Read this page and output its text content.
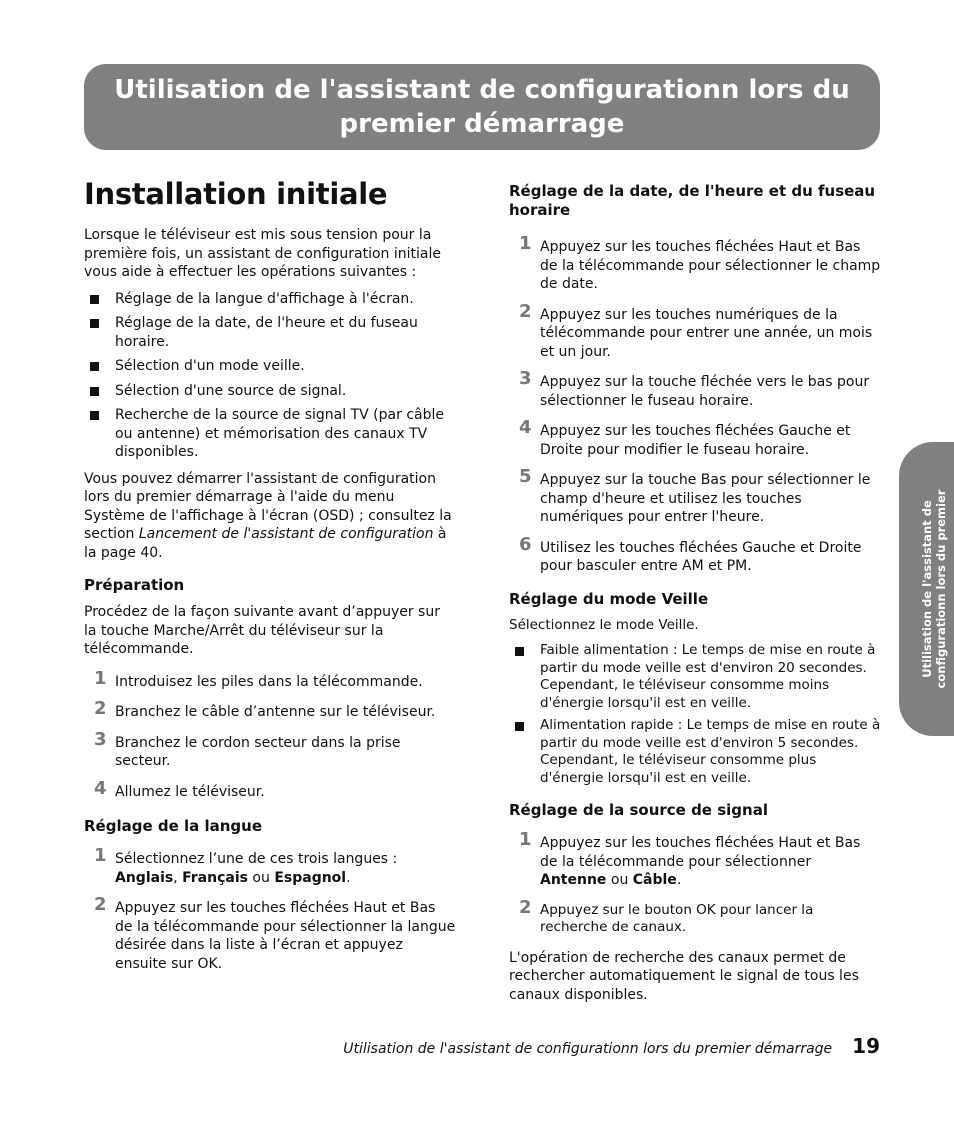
Utilisation de l'assistant de configurationn lors du
premier démarrage
Installation initiale

Lorsque le téléviseur est mis sous tension pour la première fois, un assistant de configuration initiale vous aide à effectuer les opérations suivantes :

Réglage de la langue d'affichage à l'écran.
Réglage de la date, de l'heure et du fuseau horaire.
Sélection d'un mode veille.
Sélection d'une source de signal.
Recherche de la source de signal TV (par câble ou antenne) et mémorisation des canaux TV disponibles.

Vous pouvez démarrer l'assistant de configuration lors du premier démarrage à l'aide du menu Système de l'affichage à l'écran (OSD) ; consultez la section Lancement de l'assistant de configuration à la page 40.

Préparation

Procédez de la façon suivante avant d’appuyer sur la touche Marche/Arrêt du téléviseur sur la télécommande.

1 Introduisez les piles dans la télécommande.
2 Branchez le câble d’antenne sur le téléviseur.
3 Branchez le cordon secteur dans la prise secteur.
4 Allumez le téléviseur.
Réglage de la langue
1 Sélectionnez l’une de ces trois langues : Anglais, Français ou Espagnol.
2 Appuyez sur les touches fléchées Haut et Bas de la télécommande pour sélectionner la langue désirée dans la liste à l’écran et appuyez ensuite sur OK.
Réglage de la date, de l'heure et du fuseau horaire
1 Appuyez sur les touches fléchées Haut et Bas de la télécommande pour sélectionner le champ de date.
2 Appuyez sur les touches numériques de la télécommande pour entrer une année, un mois et un jour.
3 Appuyez sur la touche fléchée vers le bas pour sélectionner le fuseau horaire.
4 Appuyez sur les touches fléchées Gauche et Droite pour modifier le fuseau horaire.
5 Appuyez sur la touche Bas pour sélectionner le champ d'heure et utilisez les touches numériques pour entrer l'heure.
6 Utilisez les touches fléchées Gauche et Droite pour basculer entre AM et PM.
Réglage du mode Veille

Sélectionnez le mode Veille.

Faible alimentation : Le temps de mise en route à partir du mode veille est d'environ 20 secondes. Cependant, le téléviseur consomme moins d'énergie lorsqu'il est en veille.
Alimentation rapide : Le temps de mise en route à partir du mode veille est d'environ 5 secondes. Cependant, le téléviseur consomme plus d'énergie lorsqu'il est en veille.
Réglage de la source de signal
1 Appuyez sur les touches fléchées Haut et Bas de la télécommande pour sélectionner Antenne ou Câble.
2 Appuyez sur le bouton OK pour lancer la recherche de canaux.

L'opération de recherche des canaux permet de rechercher automatiquement le signal de tous les canaux disponibles.

Utilisation de l'assistant de
configurationn lors du premier
Utilisation de l'assistant de configurationn lors du premier démarrage 19
